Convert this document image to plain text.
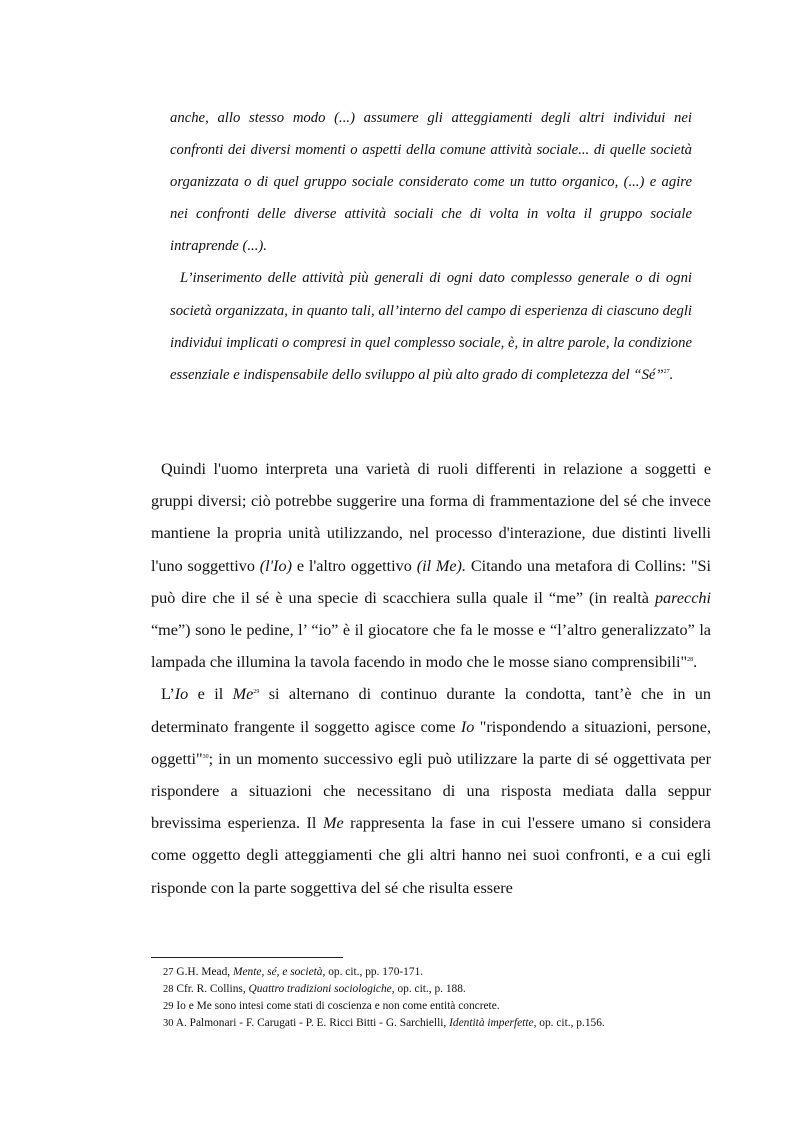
anche, allo stesso modo (...) assumere gli atteggiamenti degli altri individui nei confronti dei diversi momenti o aspetti della comune attività sociale... di quelle società organizzata o di quel gruppo sociale considerato come un tutto organico, (...) e agire nei confronti delle diverse attività sociali che di volta in volta il gruppo sociale intraprende (...).

L’inserimento delle attività più generali di ogni dato complesso generale o di ogni società organizzata, in quanto tali, all’interno del campo di esperienza di ciascuno degli individui implicati o compresi in quel complesso sociale, è, in altre parole, la condizione essenziale e indispensabile dello sviluppo al più alto grado di completezza del “Sé”$^{27}$.

Quindi l'uomo interpreta una varietà di ruoli differenti in relazione a soggetti e gruppi diversi; ciò potrebbe suggerire una forma di frammentazione del sé che invece mantiene la propria unità utilizzando, nel processo d'interazione, due distinti livelli l'uno soggettivo (l'Io) e l'altro oggettivo (il Me). Citando una metafora di Collins: "Si può dire che il sé è una specie di scacchiera sulla quale il “me” (in realtà parecchi “me”) sono le pedine, l’ “io” è il giocatore che fa le mosse e “l’altro generalizzato” la lampada che illumina la tavola facendo in modo che le mosse siano comprensibili"$^{28}$.

L’Io e il Me$^{29}$ si alternano di continuo durante la condotta, tant’è che in un determinato frangente il soggetto agisce come Io "rispondendo a situazioni, persone, oggetti"$^{30}$; in un momento successivo egli può utilizzare la parte di sé oggettivata per rispondere a situazioni che necessitano di una risposta mediata dalla seppur brevissima esperienza. Il Me rappresenta la fase in cui l'essere umano si considera come oggetto degli atteggiamenti che gli altri hanno nei suoi confronti, e a cui egli risponde con la parte soggettiva del sé che risulta essere

27 G.H. Mead, Mente, sé, e società, op. cit., pp. 170-171.
28 Cfr. R. Collins, Quattro tradizioni sociologiche, op. cit., p. 188.
29 Io e Me sono intesi come stati di coscienza e non come entità concrete.
30 A. Palmonari - F. Carugati - P. E. Ricci Bitti - G. Sarchielli, Identità imperfette, op. cit., p.156.
